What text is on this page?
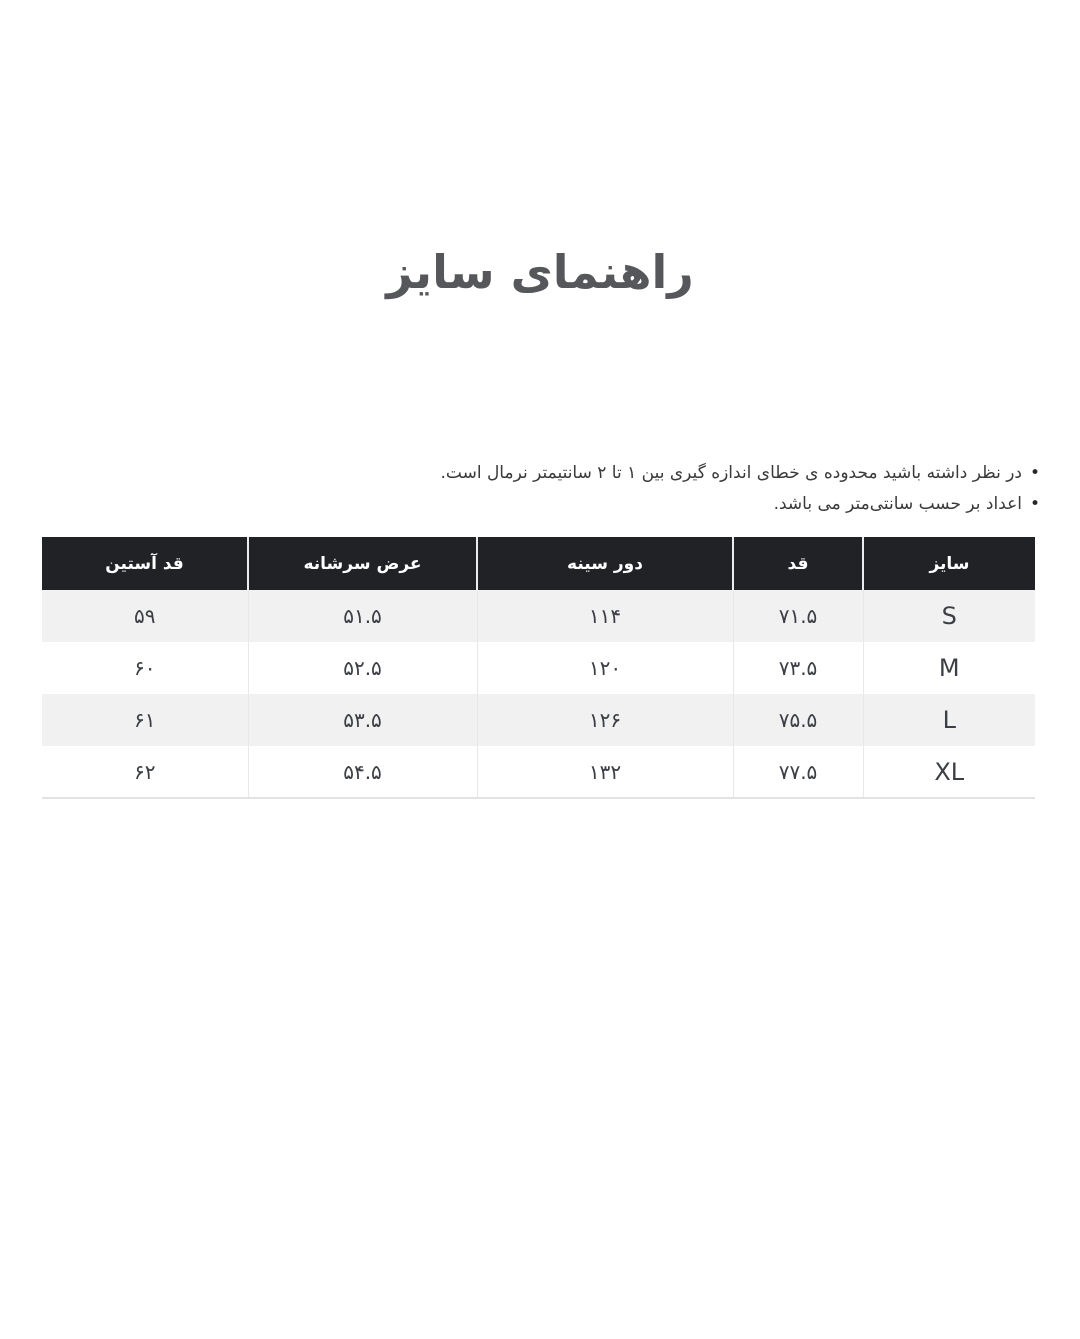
راهنمای سایز
•
در نظر داشته باشید محدوده ی خطای اندازه گیری بین ۱ تا ۲ سانتیمتر نرمال است.
•
اعداد بر حسب سانتی‌متر می باشد.
سایز	قد	دور سینه	عرض سرشانه	قد آستین
S	۷۱.۵	۱۱۴	۵۱.۵	۵۹
M	۷۳.۵	۱۲۰	۵۲.۵	۶۰
L	۷۵.۵	۱۲۶	۵۳.۵	۶۱
XL	۷۷.۵	۱۳۲	۵۴.۵	۶۲
